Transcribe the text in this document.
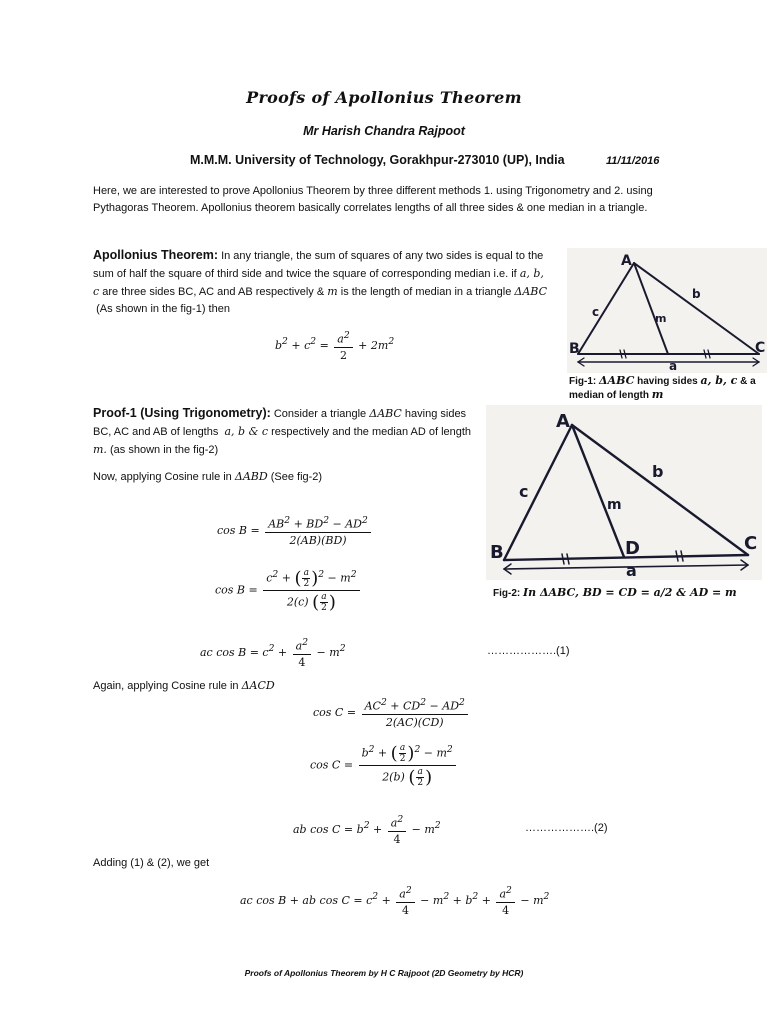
Proofs of Apollonius Theorem
Mr Harish Chandra Rajpoot
M.M.M. University of Technology, Gorakhpur-273010 (UP), India	11/11/2016
Here, we are interested to prove Apollonius Theorem by three different methods 1. using Trigonometry and 2. using Pythagoras Theorem. Apollonius theorem basically correlates lengths of all three sides & one median in a triangle.
Apollonius Theorem: In any triangle, the sum of squares of any two sides is equal to the sum of half the square of third side and twice the square of corresponding median i.e. if a, b, c are three sides BC, AC and AB respectively & m is the length of median in a triangle ΔABC  (As shown in the fig-1) then
$b^2 + c^2 = \frac{a^2}{2} + 2m^2$
A
B	C
a
b
c	m
Fig-1: ΔABC having sides a, b, c & a
median of length m
Proof-1 (Using Trigonometry): Consider a triangle ΔABC having sides BC, AC and AB of lengths a, b & c respectively and the median AD of length m. (as shown in the fig-2)
Now, applying Cosine rule in ΔABD (See fig-2)
A
B	C
D
a
b
c
m
Fig-2: In ΔABC, BD = CD = a/2 & AD = m
$\cos B = \frac{AB^2 + BD^2 - AD^2}{2(AB)(BD)}$
$\cos B = \frac{c^2 + ( \frac{a}{2} )^2 - m^2}{2(c) ( \frac{a}{2} )}$
ac $\cos B = c^2 + \frac{a^2}{4} - m^2$	……………….(1)
Again, applying Cosine rule in ΔACD
$\cos C = \frac{AC^2 + CD^2 - AD^2}{2(AC)(CD)}$
$\cos C = \frac{b^2 + ( \frac{a}{2} )^2 - m^2}{2(b) ( \frac{a}{2} )}$
ab $\cos C = b^2 + \frac{a^2}{4} - m^2$	……………….(2)
Adding (1) & (2), we get
ac cos B + ab $\cos C = c^2 + \frac{a^2}{4} - m^2 + b^2 + \frac{a^2}{4} - m^2$
Proofs of Apollonius Theorem by H C Rajpoot (2D Geometry by HCR)
